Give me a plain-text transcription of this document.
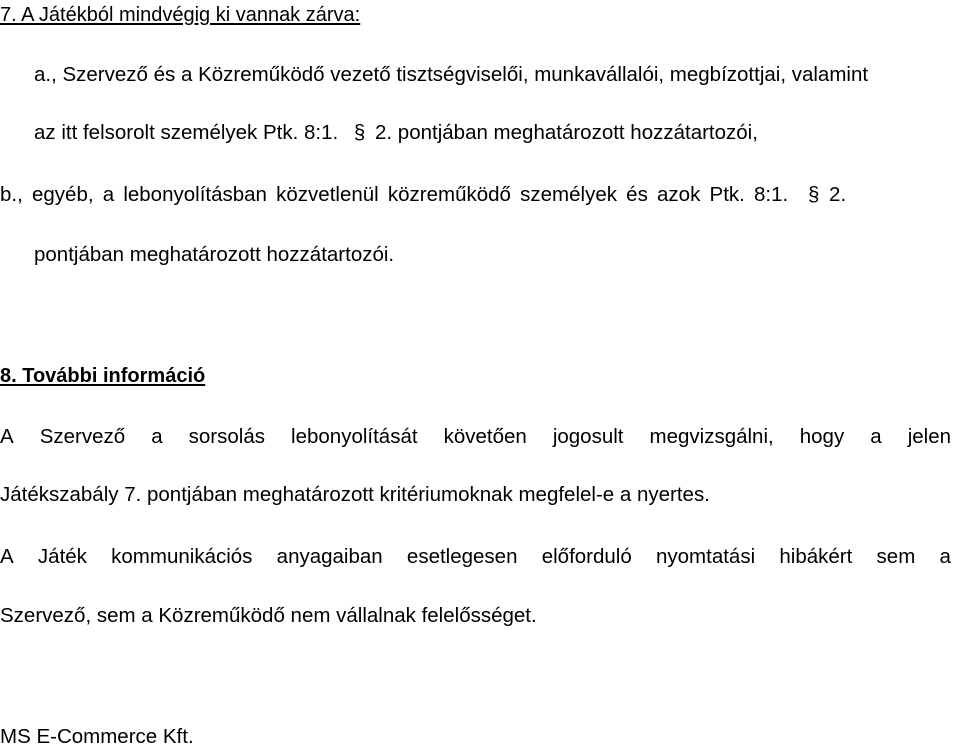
7. A Játékból mindvégig ki vannak zárva:
a., Szervező és a Közreműködő vezető tisztségviselői, munkavállalói, megbízottjai, valamint
az itt felsorolt személyek Ptk. 8:1. § 2. pontjában meghatározott hozzátartozói,
b., egyéb, a lebonyolításban közvetlenül közreműködő személyek és azok Ptk. 8:1. § 2.
pontjában meghatározott hozzátartozói.
8. További információ
A Szervező a sorsolás lebonyolítását követően jogosult megvizsgálni, hogy a jelen
Játékszabály 7. pontjában meghatározott kritériumoknak megfelel-e a nyertes.
A Játék kommunikációs anyagaiban esetlegesen előforduló nyomtatási hibákért sem a
Szervező, sem a Közreműködő nem vállalnak felelősséget.
MS E-Commerce Kft.
